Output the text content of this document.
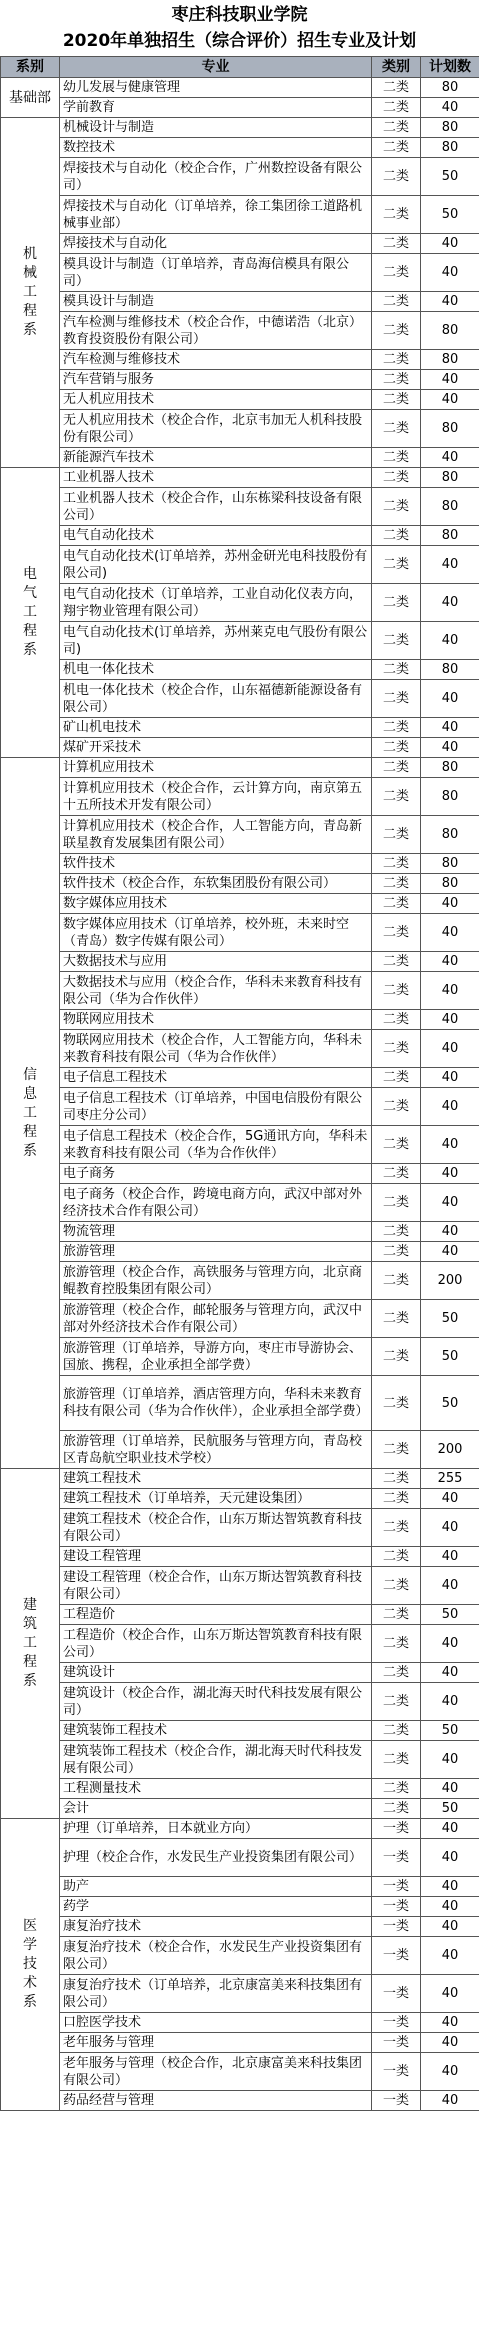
枣庄科技职业学院
2020年单独招生（综合评价）招生专业及计划
系别	专业	类别	计划数
基础部	幼儿发展与健康管理	二类	80
	学前教育	二类	40
机械工程系	机械设计与制造	二类	80
	数控技术	二类	80
	焊接技术与自动化（校企合作，广州数控设备有限公司）	二类	50
	焊接技术与自动化（订单培养，徐工集团徐工道路机械事业部）	二类	50
	焊接技术与自动化	二类	40
	模具设计与制造（订单培养，青岛海信模具有限公司）	二类	40
	模具设计与制造	二类	40
	汽车检测与维修技术（校企合作，中德诺浩（北京）教育投资股份有限公司）	二类	80
	汽车检测与维修技术	二类	80
	汽车营销与服务	二类	40
	无人机应用技术	二类	40
	无人机应用技术（校企合作，北京韦加无人机科技股份有限公司）	二类	80
	新能源汽车技术	二类	40
电气工程系	工业机器人技术	二类	80
	工业机器人技术（校企合作，山东栋梁科技设备有限公司）	二类	80
	电气自动化技术	二类	80
	电气自动化技术(订单培养，苏州金研光电科技股份有限公司)	二类	40
	电气自动化技术（订单培养，工业自动化仪表方向，翔宇物业管理有限公司）	二类	40
	电气自动化技术(订单培养，苏州莱克电气股份有限公司)	二类	40
	机电一体化技术	二类	80
	机电一体化技术（校企合作，山东福德新能源设备有限公司）	二类	40
	矿山机电技术	二类	40
	煤矿开采技术	二类	40
信息工程系	计算机应用技术	二类	80
	计算机应用技术（校企合作，云计算方向，南京第五十五所技术开发有限公司）	二类	80
	计算机应用技术（校企合作，人工智能方向，青岛新联星教育发展集团有限公司）	二类	80
	软件技术	二类	80
	软件技术（校企合作，东软集团股份有限公司）	二类	80
	数字媒体应用技术	二类	40
	数字媒体应用技术（订单培养，校外班，未来时空（青岛）数字传媒有限公司）	二类	40
	大数据技术与应用	二类	40
	大数据技术与应用（校企合作，华科未来教育科技有限公司（华为合作伙伴）	二类	40
	物联网应用技术	二类	40
	物联网应用技术（校企合作，人工智能方向，华科未来教育科技有限公司（华为合作伙伴）	二类	40
	电子信息工程技术	二类	40
	电子信息工程技术（订单培养，中国电信股份有限公司枣庄分公司）	二类	40
	电子信息工程技术（校企合作，5G通讯方向，华科未来教育科技有限公司（华为合作伙伴）	二类	40
	电子商务	二类	40
	电子商务（校企合作，跨境电商方向，武汉中部对外经济技术合作有限公司）	二类	40
	物流管理	二类	40
	旅游管理	二类	40
	旅游管理（校企合作，高铁服务与管理方向，北京商鲲教育控股集团有限公司）	二类	200
	旅游管理（校企合作，邮轮服务与管理方向，武汉中部对外经济技术合作有限公司）	二类	50
	旅游管理（订单培养，导游方向，枣庄市导游协会、国旅、携程，企业承担全部学费）	二类	50
	旅游管理（订单培养，酒店管理方向，华科未来教育科技有限公司（华为合作伙伴），企业承担全部学费）	二类	50
	旅游管理（订单培养，民航服务与管理方向，青岛校区青岛航空职业技术学校）	二类	200
建筑工程系	建筑工程技术	二类	255
	建筑工程技术（订单培养，天元建设集团）	二类	40
	建筑工程技术（校企合作，山东万斯达智筑教育科技有限公司）	二类	40
	建设工程管理	二类	40
	建设工程管理（校企合作，山东万斯达智筑教育科技有限公司）	二类	40
	工程造价	二类	50
	工程造价（校企合作，山东万斯达智筑教育科技有限公司）	二类	40
	建筑设计	二类	40
	建筑设计（校企合作，湖北海天时代科技发展有限公司）	二类	40
	建筑装饰工程技术	二类	50
	建筑装饰工程技术（校企合作，湖北海天时代科技发展有限公司）	二类	40
	工程测量技术	二类	40
	会计	二类	50
医学技术系	护理（订单培养，日本就业方向）	一类	40
	护理（校企合作，水发民生产业投资集团有限公司）	一类	40
	助产	一类	40
	药学	一类	40
	康复治疗技术	一类	40
	康复治疗技术（校企合作，水发民生产业投资集团有限公司）	一类	40
	康复治疗技术（订单培养，北京康富美来科技集团有限公司）	一类	40
	口腔医学技术	一类	40
	老年服务与管理	一类	40
	老年服务与管理（校企合作，北京康富美来科技集团有限公司）	一类	40
	药品经营与管理	一类	40
